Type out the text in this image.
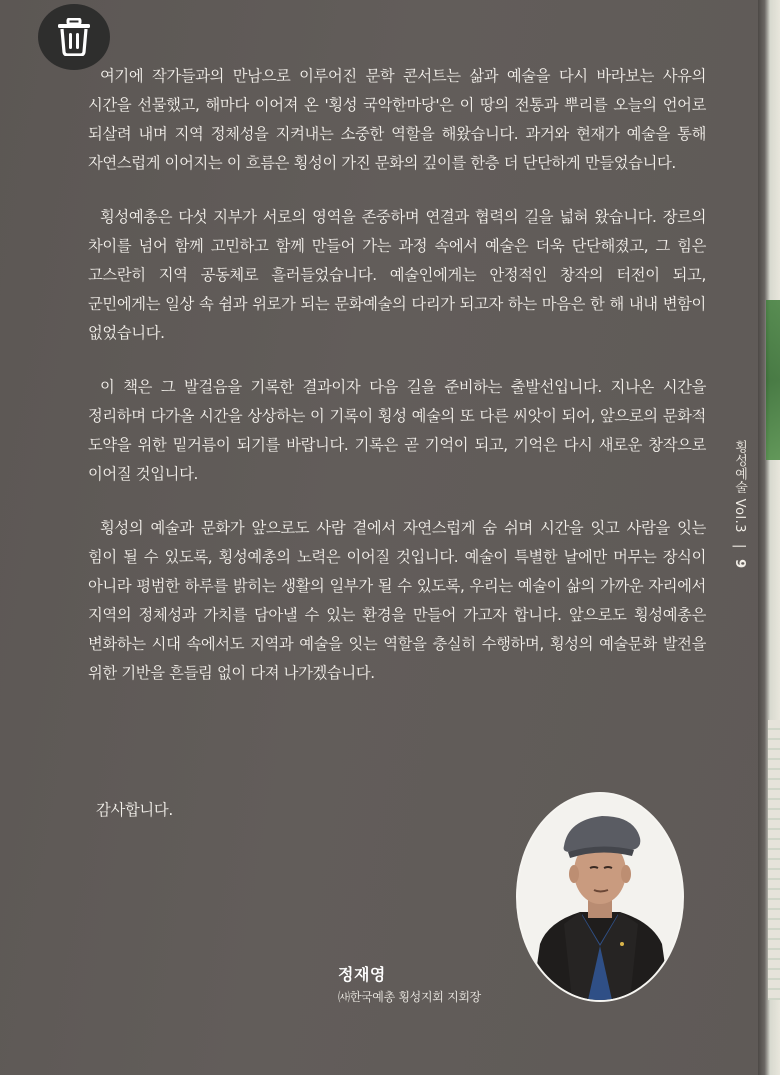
여기에 작가들과의 만남으로 이루어진 문학 콘서트는 삶과 예술을 다시 바라보는 사유의 시간을 선물했고, 해마다 이어져 온 '횡성 국악한마당'은 이 땅의 전통과 뿌리를 오늘의 언어로 되살려 내며 지역 정체성을 지켜내는 소중한 역할을 해왔습니다. 과거와 현재가 예술을 통해 자연스럽게 이어지는 이 흐름은 횡성이 가진 문화의 깊이를 한층 더 단단하게 만들었습니다.

횡성예총은 다섯 지부가 서로의 영역을 존중하며 연결과 협력의 길을 넓혀 왔습니다. 장르의 차이를 넘어 함께 고민하고 함께 만들어 가는 과정 속에서 예술은 더욱 단단해졌고, 그 힘은 고스란히 지역 공동체로 흘러들었습니다. 예술인에게는 안정적인 창작의 터전이 되고, 군민에게는 일상 속 쉼과 위로가 되는 문화예술의 다리가 되고자 하는 마음은 한 해 내내 변함이 없었습니다.

이 책은 그 발걸음을 기록한 결과이자 다음 길을 준비하는 출발선입니다. 지나온 시간을 정리하며 다가올 시간을 상상하는 이 기록이 횡성 예술의 또 다른 씨앗이 되어, 앞으로의 문화적 도약을 위한 밑거름이 되기를 바랍니다. 기록은 곧 기억이 되고, 기억은 다시 새로운 창작으로 이어질 것입니다.

횡성의 예술과 문화가 앞으로도 사람 곁에서 자연스럽게 숨 쉬며 시간을 잇고 사람을 잇는 힘이 될 수 있도록, 횡성예총의 노력은 이어질 것입니다. 예술이 특별한 날에만 머무는 장식이 아니라 평범한 하루를 밝히는 생활의 일부가 될 수 있도록, 우리는 예술이 삶의 가까운 자리에서 지역의 정체성과 가치를 담아낼 수 있는 환경을 만들어 가고자 합니다. 앞으로도 횡성예총은 변화하는 시대 속에서도 지역과 예술을 잇는 역할을 충실히 수행하며, 횡성의 예술문화 발전을 위한 기반을 흔들림 없이 다져 나가겠습니다.

감사합니다.
횡성예술 Vol.3 | 9
정재영
㈔한국예총 횡성지회 지회장
